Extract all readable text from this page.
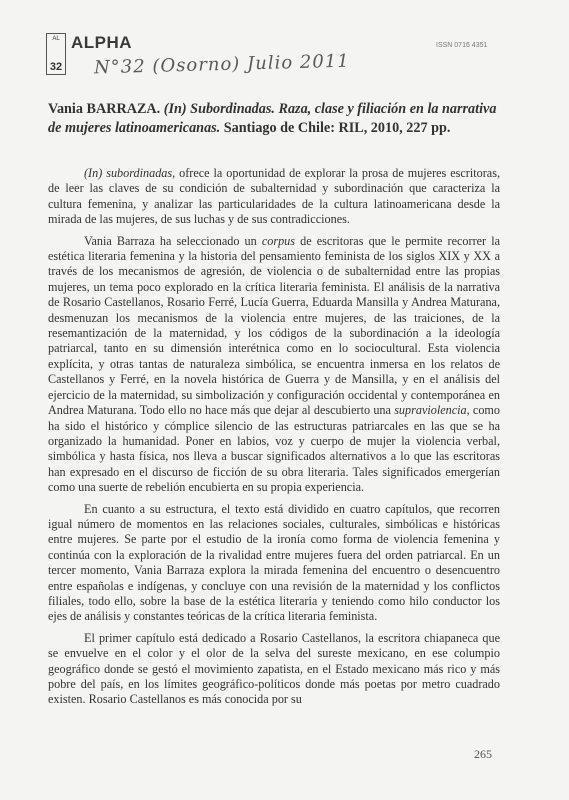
AL
32
ALPHA	ISSN 0716 4351
N°32 (Osorno) Julio 2011
Vania BARRAZA. (In) Subordinadas. Raza, clase y filiación en la narrativa de mujeres latinoamericanas. Santiago de Chile: RIL, 2010, 227 pp.

(In) subordinadas, ofrece la oportunidad de explorar la prosa de mujeres escritoras, de leer las claves de su condición de subalternidad y subordinación que caracteriza la cultura femenina, y analizar las particularidades de la cultura latinoamericana desde la mirada de las mujeres, de sus luchas y de sus contradicciones.

Vania Barraza ha seleccionado un corpus de escritoras que le permite recorrer la estética literaria femenina y la historia del pensamiento feminista de los siglos XIX y XX a través de los mecanismos de agresión, de violencia o de subalternidad entre las propias mujeres, un tema poco explorado en la crítica literaria feminista. El análisis de la narrativa de Rosario Castellanos, Rosario Ferré, Lucía Guerra, Eduarda Mansilla y Andrea Maturana, desmenuzan los mecanismos de la violencia entre mujeres, de las traiciones, de la resemantización de la maternidad, y los códigos de la subordinación a la ideología patriarcal, tanto en su dimensión interétnica como en lo sociocultural. Esta violencia explícita, y otras tantas de naturaleza simbólica, se encuentra inmersa en los relatos de Castellanos y Ferré, en la novela histórica de Guerra y de Mansilla, y en el análisis del ejercicio de la maternidad, su simbolización y configuración occidental y contemporánea en Andrea Maturana. Todo ello no hace más que dejar al descubierto una supraviolencia, como ha sido el histórico y cómplice silencio de las estructuras patriarcales en las que se ha organizado la humanidad. Poner en labios, voz y cuerpo de mujer la violencia verbal, simbólica y hasta física, nos lleva a buscar significados alternativos a lo que las escritoras han expresado en el discurso de ficción de su obra literaria. Tales significados emergerían como una suerte de rebelión encubierta en su propia experiencia.

En cuanto a su estructura, el texto está dividido en cuatro capítulos, que recorren igual número de momentos en las relaciones sociales, culturales, simbólicas e históricas entre mujeres. Se parte por el estudio de la ironía como forma de violencia femenina y continúa con la exploración de la rivalidad entre mujeres fuera del orden patriarcal. En un tercer momento, Vania Barraza explora la mirada femenina del encuentro o desencuentro entre españolas e indígenas, y concluye con una revisión de la maternidad y los conflictos filiales, todo ello, sobre la base de la estética literaria y teniendo como hilo conductor los ejes de análisis y constantes teóricas de la crítica literaria feminista.

El primer capítulo está dedicado a Rosario Castellanos, la escritora chiapaneca que se envuelve en el color y el olor de la selva del sureste mexicano, en ese columpio geográfico donde se gestó el movimiento zapatista, en el Estado mexicano más rico y más pobre del país, en los límites geográfico-políticos donde más poetas por metro cuadrado existen. Rosario Castellanos es más conocida por su

265
